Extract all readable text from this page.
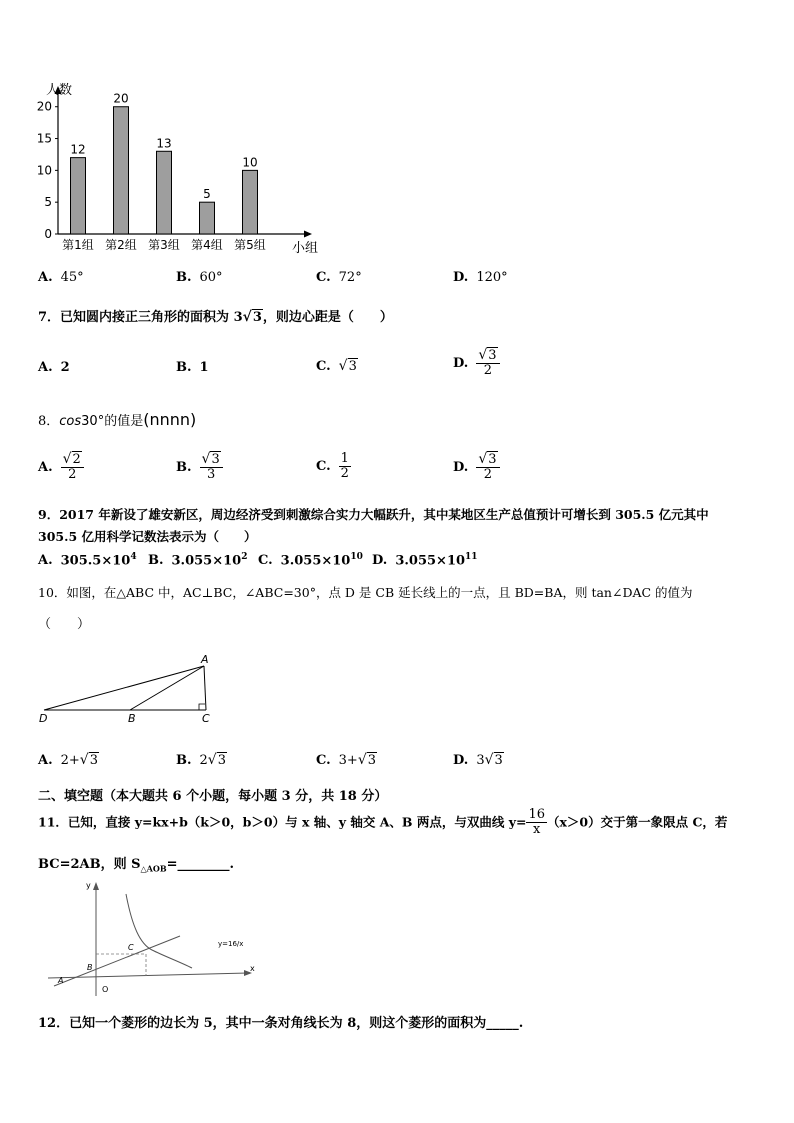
0
5
10
15
20
12
第1组
20
第2组
13
第3组
5
第4组
10
第5组
人数
小组
A. 45°	B. 60°	C. 72°	D. 120°
7．已知圆内接正三角形的面积为 3√3，则边心距是（　　）
A. 2	B. 1	C. √3	D. $\frac{√3}{2}$
8．cos30°的值是(nnnn)
A. $\frac{√2}{2}$	B. $\frac{√3}{3}$	C. $\frac{1}{2}$	D. $\frac{√3}{2}$
9．2017 年新设了雄安新区，周边经济受到刺激综合实力大幅跃升，其中某地区生产总值预计可增长到 305.5 亿元其中
305.5 亿用科学记数法表示为（　　）
A. $305.5\times 10^4$ B. $3.055\times 10^2$ C. $3.055\times 10^{10}$ D. $3.055\times 10^{11}$
10．如图，在△ABC 中，AC⊥BC，∠ABC=30°，点 D 是 CB 延长线上的一点，且 BD=BA，则 tan∠DAC 的值为
（　　）
A
B	C
D
A. 2+√3	B. 2√3	C. 3+√3	D. 3√3
二、填空题（本大题共 6 个小题，每小题 3 分，共 18 分）
11．已知，直接 y=kx+b（k＞0，b＞0）与 x 轴、y 轴交 A、B 两点，与双曲线 $y= \frac{16}{x} (x>0)$交于第一象限点 C，若
BC=2AB，则 $S_{\triangle AOB}=\_\_\_\_\_\_\_\_$.
y
x
O
A
B
C	y=16/x
12．已知一个菱形的边长为 5，其中一条对角线长为 8，则这个菱形的面积为_____.
